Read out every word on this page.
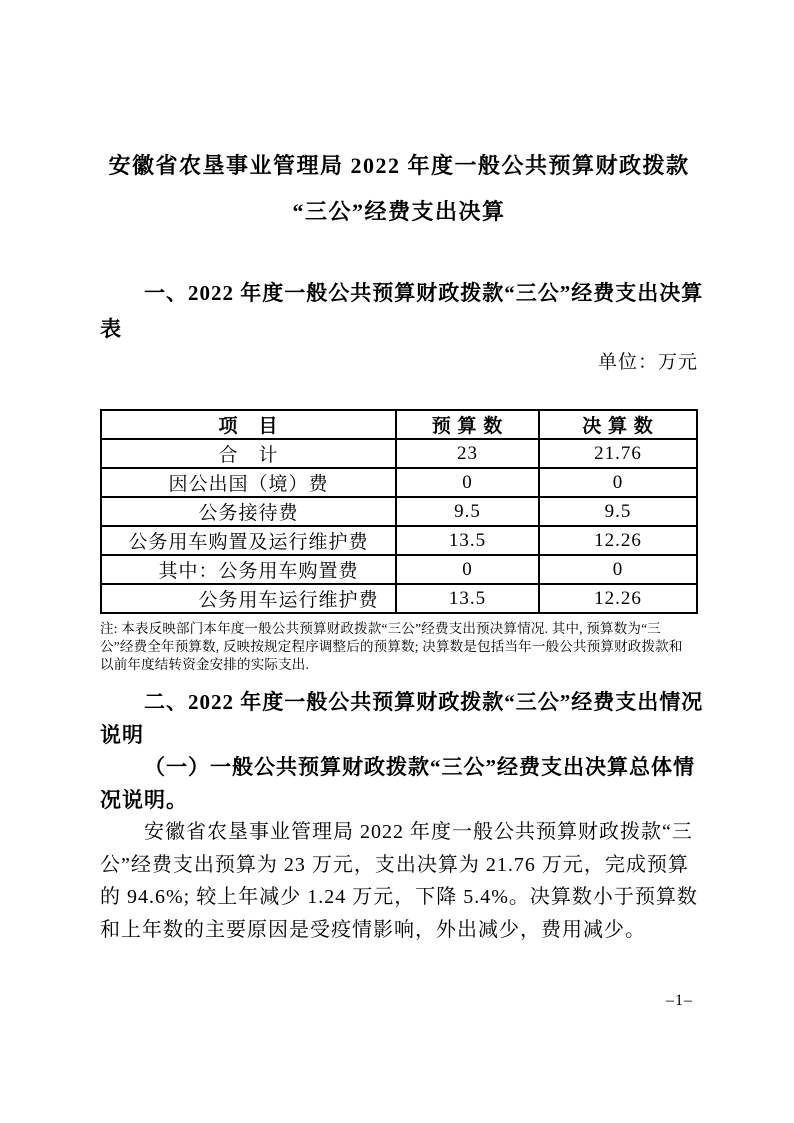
安徽省农垦事业管理局 2022 年度一般公共预算财政拨款
“三公”经费支出决算
一、2022 年度一般公共预算财政拨款“三公”经费支出决算
表
单位：万元
项　目	预 算 数	决 算 数
合　计	23	21.76
因公出国（境）费	0	0
公务接待费	9.5	9.5
公务用车购置及运行维护费	13.5	12.26
　其中：公务用车购置费	0	0
　　　　公务用车运行维护费	13.5	12.26
注: 本表反映部门本年度一般公共预算财政拨款“三公”经费支出预决算情况. 其中, 预算数为“三
公”经费全年预算数, 反映按规定程序调整后的预算数; 决算数是包括当年一般公共预算财政拨款和
以前年度结转资金安排的实际支出.
二、2022 年度一般公共预算财政拨款“三公”经费支出情况
说明
（一）一般公共预算财政拨款“三公”经费支出决算总体情
况说明。
安徽省农垦事业管理局 2022 年度一般公共预算财政拨款“三
公”经费支出预算为 23 万元，支出决算为 21.76 万元，完成预算
的 94.6%; 较上年减少 1.24 万元，下降 5.4%。决算数小于预算数
和上年数的主要原因是受疫情影响，外出减少，费用减少。
–1–
